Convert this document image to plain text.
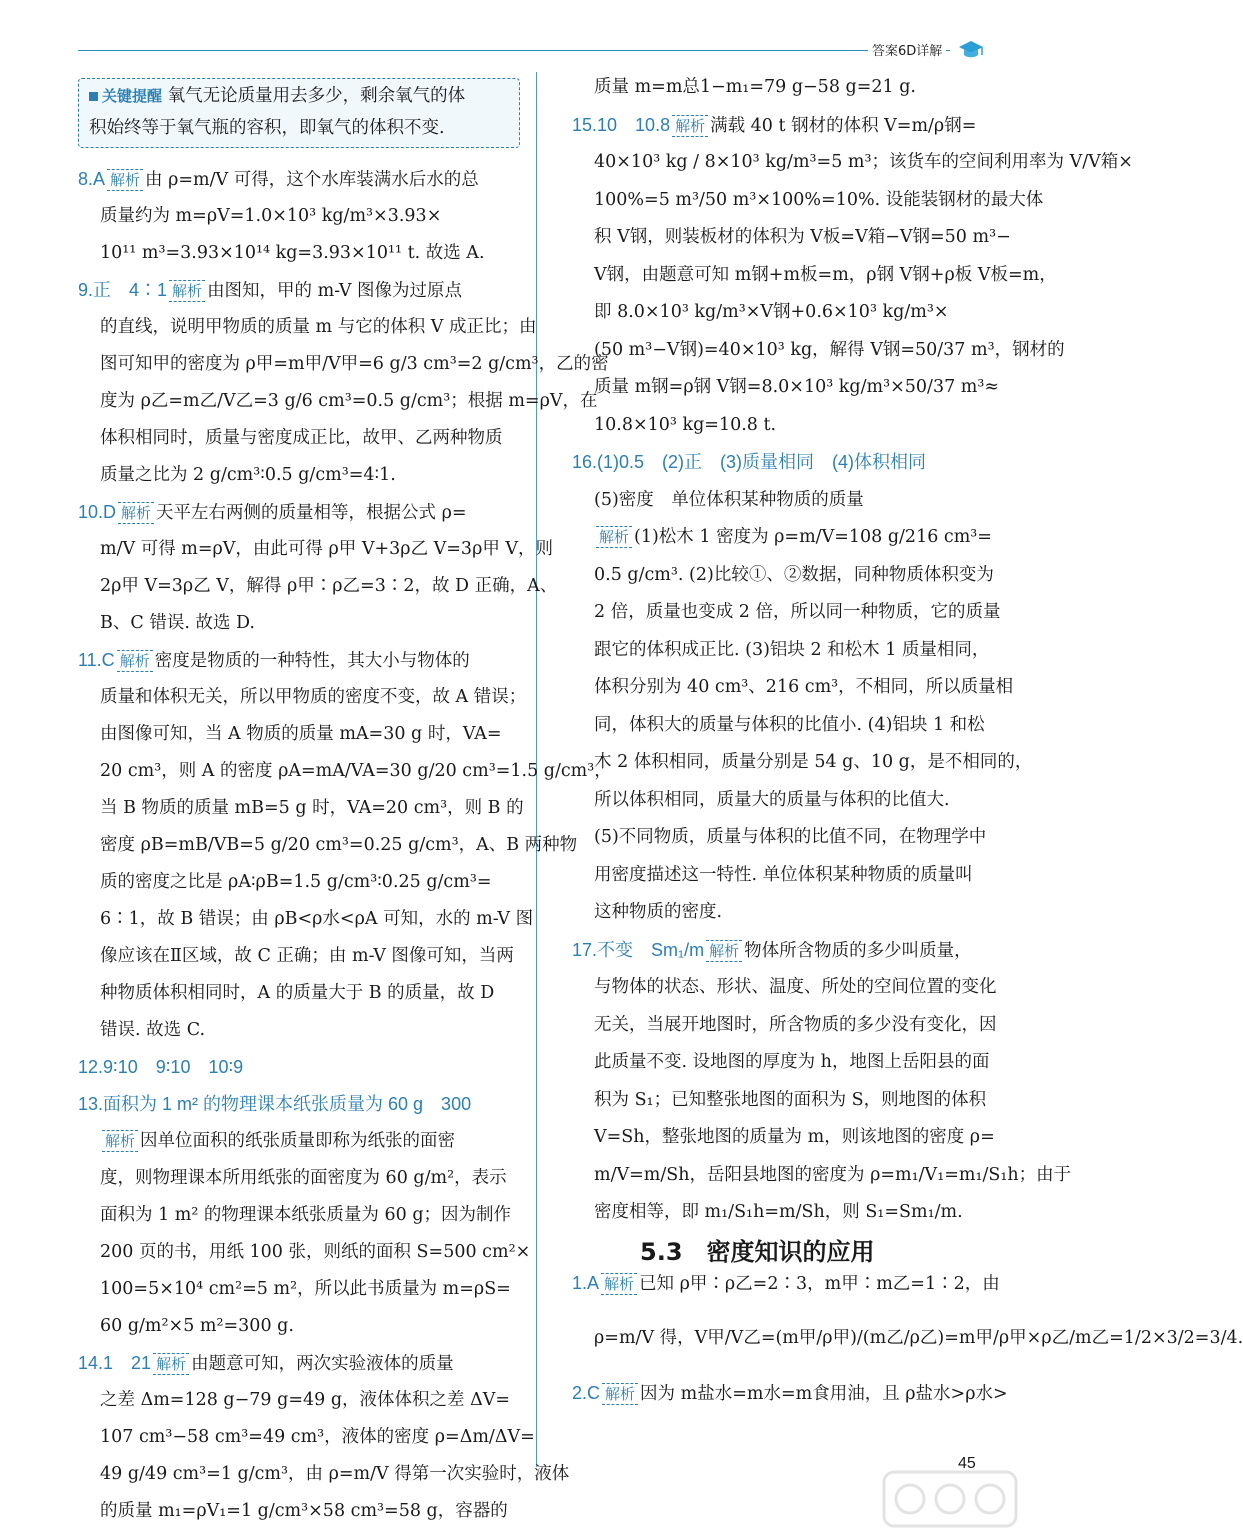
答案6D详解
关键提醒 氧气无论质量用去多少，剩余氧气的体
积始终等于氧气瓶的容积，即氧气的体积不变.
8.A 解析 由 ρ=m/V 可得，这个水库装满水后水的总
质量约为 m=ρV=1.0×10³ kg/m³×3.93×
10¹¹ m³=3.93×10¹⁴ kg=3.93×10¹¹ t. 故选 A.
9.正　4∶1 解析 由图知，甲的 m-V 图像为过原点
的直线，说明甲物质的质量 m 与它的体积 V 成正比；由
图可知甲的密度为 ρ甲=m甲/V甲=6 g/3 cm³=2 g/cm³，乙的密
度为 ρ乙=m乙/V乙=3 g/6 cm³=0.5 g/cm³；根据 m=ρV，在
体积相同时，质量与密度成正比，故甲、乙两种物质
质量之比为 2 g/cm³∶0.5 g/cm³=4∶1.
10.D 解析 天平左右两侧的质量相等，根据公式 ρ=
m/V 可得 m=ρV，由此可得 ρ甲 V+3ρ乙 V=3ρ甲 V，则
2ρ甲 V=3ρ乙 V，解得 ρ甲∶ρ乙=3∶2，故 D 正确，A、
B、C 错误. 故选 D.
11.C 解析 密度是物质的一种特性，其大小与物体的
质量和体积无关，所以甲物质的密度不变，故 A 错误；
由图像可知，当 A 物质的质量 mA=30 g 时，VA=
20 cm³，则 A 的密度 ρA=mA/VA=30 g/20 cm³=1.5 g/cm³，
当 B 物质的质量 mB=5 g 时，VA=20 cm³，则 B 的
密度 ρB=mB/VB=5 g/20 cm³=0.25 g/cm³，A、B 两种物
质的密度之比是 ρA∶ρB=1.5 g/cm³∶0.25 g/cm³=
6∶1，故 B 错误；由 ρB<ρ水<ρA 可知，水的 m-V 图
像应该在Ⅱ区域，故 C 正确；由 m-V 图像可知，当两
种物质体积相同时，A 的质量大于 B 的质量，故 D
错误. 故选 C.
12.9∶10　9∶10　10∶9
13.面积为 1 m² 的物理课本纸张质量为 60 g　300
解析 因单位面积的纸张质量即称为纸张的面密
度，则物理课本所用纸张的面密度为 60 g/m²，表示
面积为 1 m² 的物理课本纸张质量为 60 g；因为制作
200 页的书，用纸 100 张，则纸的面积 S=500 cm²×
100=5×10⁴ cm²=5 m²，所以此书质量为 m=ρS=
60 g/m²×5 m²=300 g.
14.1　21 解析 由题意可知，两次实验液体的质量
之差 Δm=128 g−79 g=49 g，液体体积之差 ΔV=
107 cm³−58 cm³=49 cm³，液体的密度 ρ=Δm/ΔV=
49 g/49 cm³=1 g/cm³，由 ρ=m/V 得第一次实验时，液体
的质量 m₁=ρV₁=1 g/cm³×58 cm³=58 g，容器的
质量 m=m总1−m₁=79 g−58 g=21 g.
15.10　10.8 解析 满载 40 t 钢材的体积 V=m/ρ钢=
40×10³ kg / 8×10³ kg/m³=5 m³；该货车的空间利用率为 V/V箱×
100%=5 m³/50 m³×100%=10%. 设能装钢材的最大体
积 V钢，则装板材的体积为 V板=V箱−V钢=50 m³−
V钢，由题意可知 m钢+m板=m，ρ钢 V钢+ρ板 V板=m，
即 8.0×10³ kg/m³×V钢+0.6×10³ kg/m³×
(50 m³−V钢)=40×10³ kg，解得 V钢=50/37 m³，钢材的
质量 m钢=ρ钢 V钢=8.0×10³ kg/m³×50/37 m³≈
10.8×10³ kg=10.8 t.
16.(1)0.5　(2)正　(3)质量相同　(4)体积相同
(5)密度　单位体积某种物质的质量
解析 (1)松木 1 密度为 ρ=m/V=108 g/216 cm³=
0.5 g/cm³. (2)比较①、②数据，同种物质体积变为
2 倍，质量也变成 2 倍，所以同一种物质，它的质量
跟它的体积成正比. (3)铝块 2 和松木 1 质量相同，
体积分别为 40 cm³、216 cm³，不相同，所以质量相
同，体积大的质量与体积的比值小. (4)铝块 1 和松
木 2 体积相同，质量分别是 54 g、10 g，是不相同的，
所以体积相同，质量大的质量与体积的比值大.
(5)不同物质，质量与体积的比值不同，在物理学中
用密度描述这一特性. 单位体积某种物质的质量叫
这种物质的密度.
17.不变　Sm₁/m 解析 物体所含物质的多少叫质量，
与物体的状态、形状、温度、所处的空间位置的变化
无关，当展开地图时，所含物质的多少没有变化，因
此质量不变. 设地图的厚度为 h，地图上岳阳县的面
积为 S₁；已知整张地图的面积为 S，则地图的体积
V=Sh，整张地图的质量为 m，则该地图的密度 ρ=
m/V=m/Sh，岳阳县地图的密度为 ρ=m₁/V₁=m₁/S₁h；由于
密度相等，即 m₁/S₁h=m/Sh，则 S₁=Sm₁/m.
5.3　密度知识的应用
1.A 解析 已知 ρ甲∶ρ乙=2∶3，m甲∶m乙=1∶2，由
ρ=m/V 得，V甲/V乙=(m甲/ρ甲)/(m乙/ρ乙)=m甲/ρ甲×ρ乙/m乙=1/2×3/2=3/4.
2.C 解析 因为 m盐水=m水=m食用油，且 ρ盐水>ρ水>
45
